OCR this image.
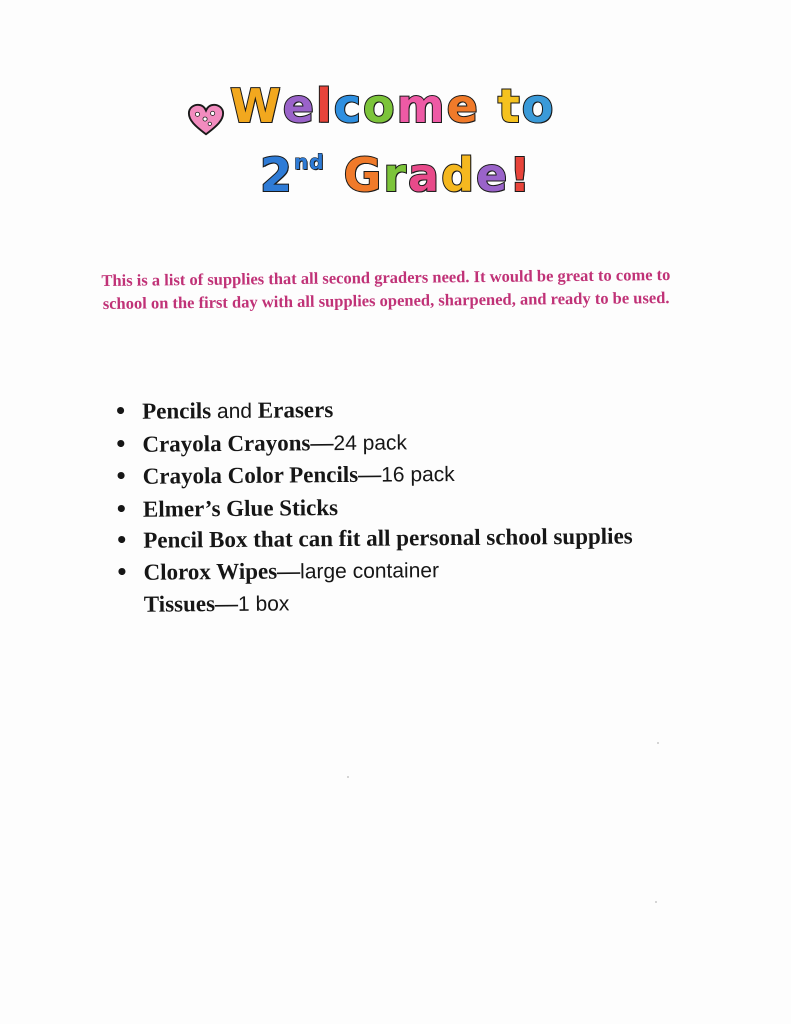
Welcome to
2nd Grade!

This is a list of supplies that all second graders need. It would be great to come to school on the first day with all supplies opened, sharpened, and ready to be used.

• Pencils and Erasers
• Crayola Crayons—24 pack
• Crayola Color Pencils—16 pack
• Elmer’s Glue Sticks
• Pencil Box that can fit all personal school supplies
• Clorox Wipes—large container
Tissues—1 box
